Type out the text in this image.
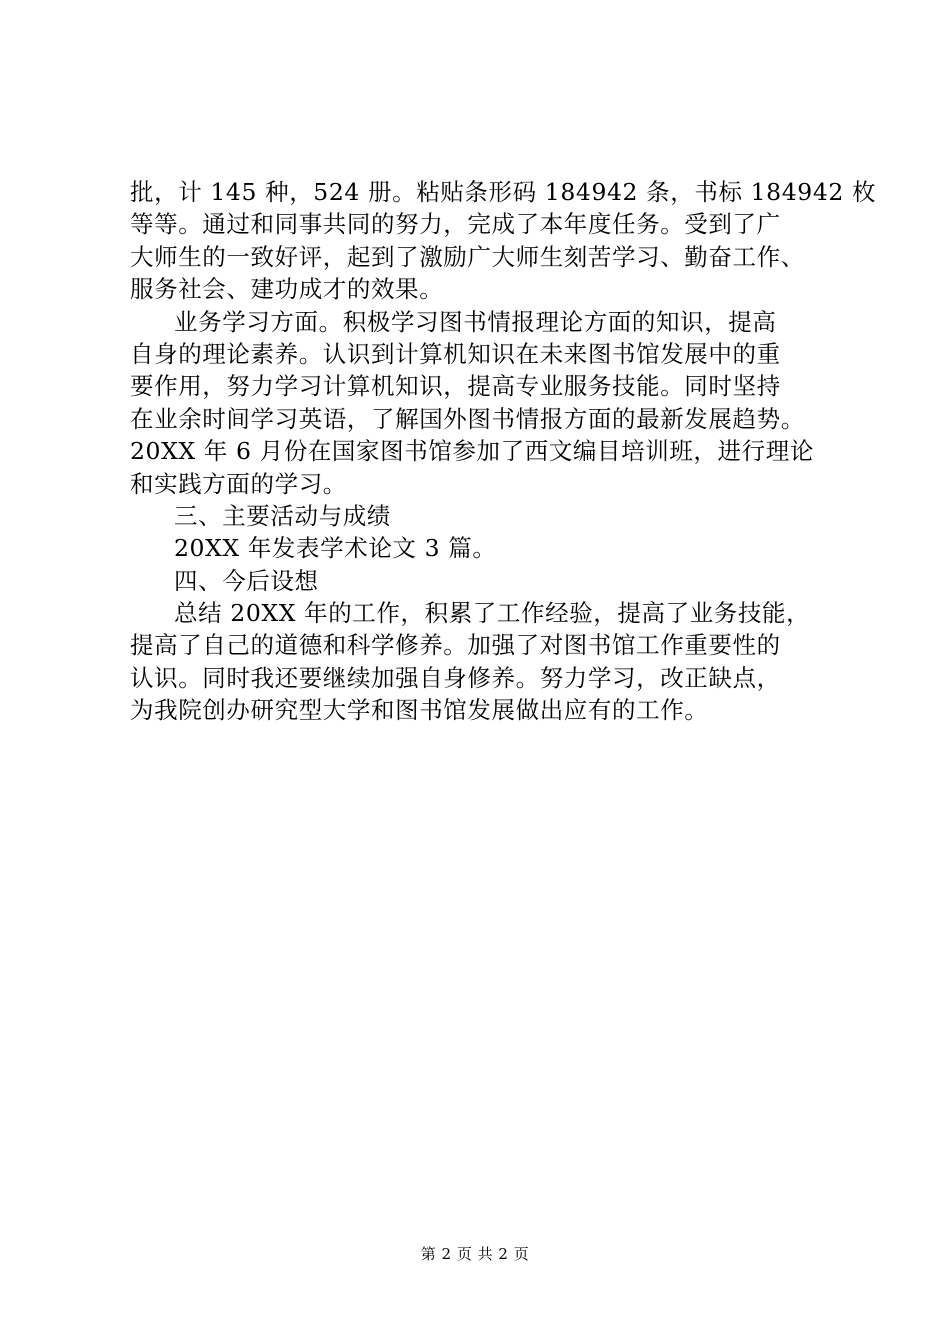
批，计 145 种，524 册。粘贴条形码 184942 条，书标 184942 枚
等等。通过和同事共同的努力，完成了本年度任务。受到了广
大师生的一致好评，起到了激励广大师生刻苦学习、勤奋工作、
服务社会、建功成才的效果。
业务学习方面。积极学习图书情报理论方面的知识，提高
自身的理论素养。认识到计算机知识在未来图书馆发展中的重
要作用，努力学习计算机知识，提高专业服务技能。同时坚持
在业余时间学习英语，了解国外图书情报方面的最新发展趋势。
20XX 年 6 月份在国家图书馆参加了西文编目培训班，进行理论
和实践方面的学习。
三、主要活动与成绩
20XX 年发表学术论文 3 篇。
四、今后设想
总结 20XX 年的工作，积累了工作经验，提高了业务技能，
提高了自己的道德和科学修养。加强了对图书馆工作重要性的
认识。同时我还要继续加强自身修养。努力学习，改正缺点，
为我院创办研究型大学和图书馆发展做出应有的工作。
第 2 页 共 2 页
